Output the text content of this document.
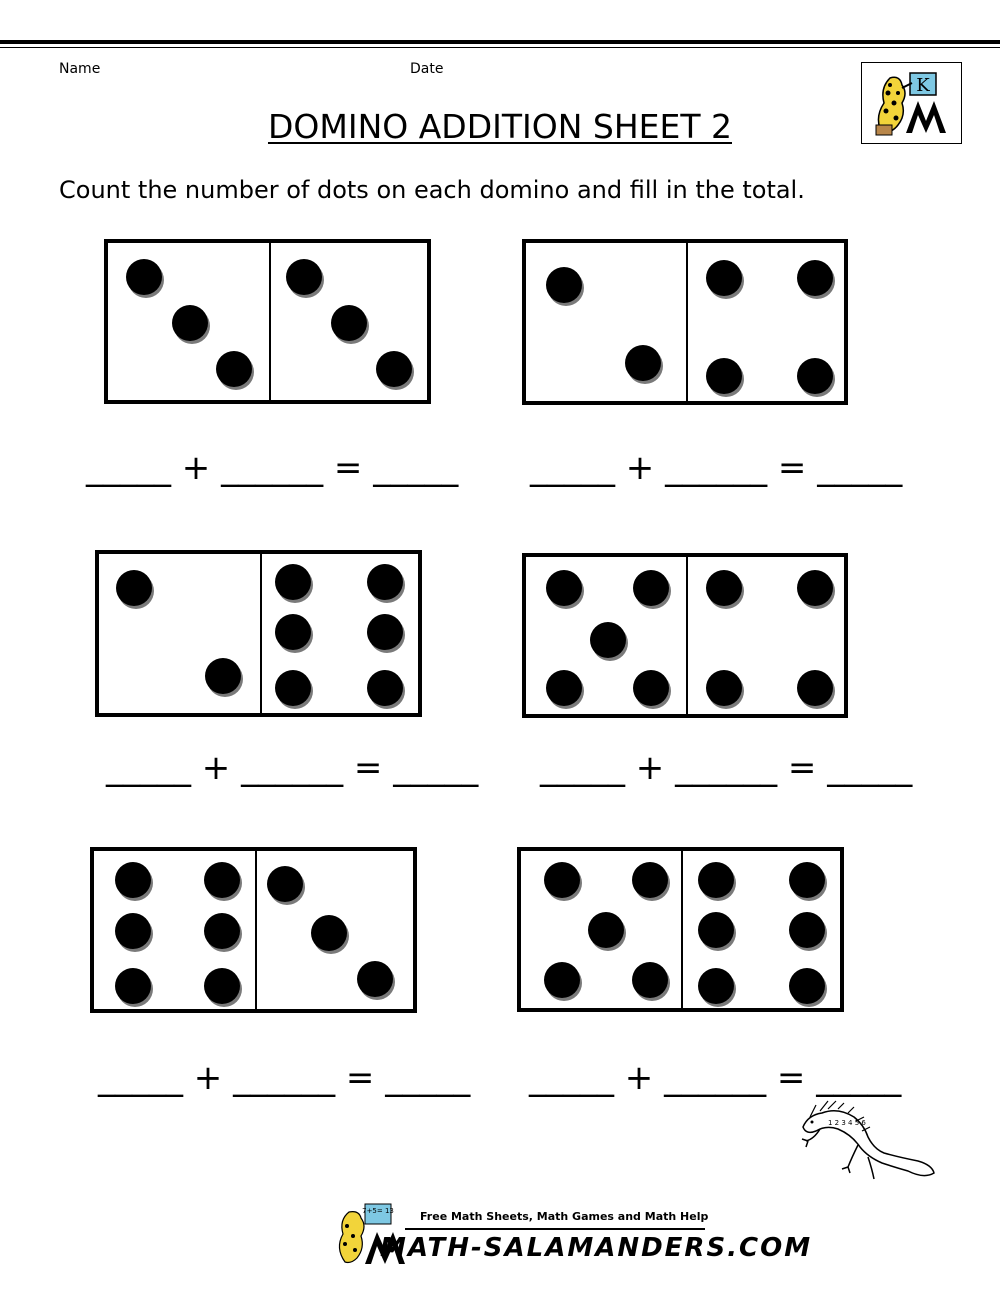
Name	Date
K
DOMINO ADDITION SHEET 2
Count the number of dots on each domino and fill in the total.
_____ + ______ = _____ _____ + ______ = _____
_____ + ______ = _____ _____ + ______ = _____
_____ + ______ = _____ _____ + ______ = _____
1 2 3 4 5 6
7+5= 13 Free Math Sheets, Math Games and Math Help
MATH-SALAMANDERS.COM
